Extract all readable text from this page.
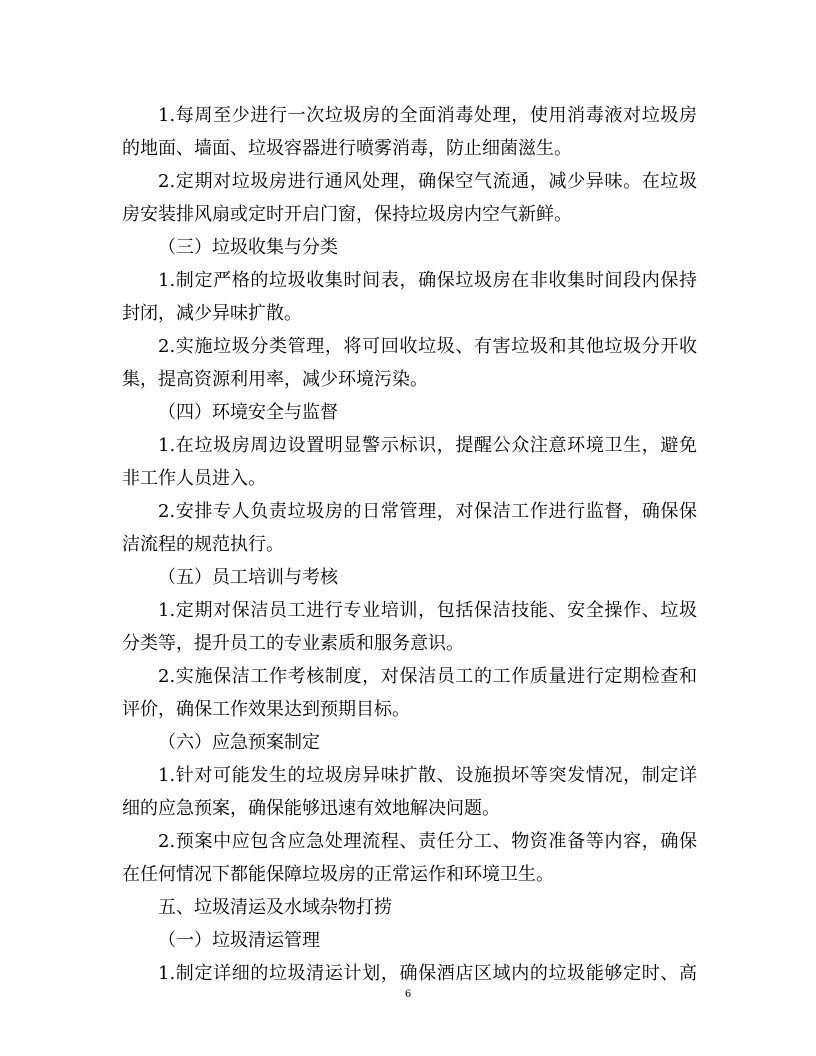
1.每周至少进行一次垃圾房的全面消毒处理，使用消毒液对垃圾房
的地面、墙面、垃圾容器进行喷雾消毒，防止细菌滋生。
2.定期对垃圾房进行通风处理，确保空气流通，减少异味。在垃圾
房安装排风扇或定时开启门窗，保持垃圾房内空气新鲜。
（三）垃圾收集与分类
1.制定严格的垃圾收集时间表，确保垃圾房在非收集时间段内保持
封闭，减少异味扩散。
2.实施垃圾分类管理，将可回收垃圾、有害垃圾和其他垃圾分开收
集，提高资源利用率，减少环境污染。
（四）环境安全与监督
1.在垃圾房周边设置明显警示标识，提醒公众注意环境卫生，避免
非工作人员进入。
2.安排专人负责垃圾房的日常管理，对保洁工作进行监督，确保保
洁流程的规范执行。
（五）员工培训与考核
1.定期对保洁员工进行专业培训，包括保洁技能、安全操作、垃圾
分类等，提升员工的专业素质和服务意识。
2.实施保洁工作考核制度，对保洁员工的工作质量进行定期检查和
评价，确保工作效果达到预期目标。
（六）应急预案制定
1.针对可能发生的垃圾房异味扩散、设施损坏等突发情况，制定详
细的应急预案，确保能够迅速有效地解决问题。
2.预案中应包含应急处理流程、责任分工、物资准备等内容，确保
在任何情况下都能保障垃圾房的正常运作和环境卫生。
五、垃圾清运及水域杂物打捞
（一）垃圾清运管理
1.制定详细的垃圾清运计划，确保酒店区域内的垃圾能够定时、高
6
